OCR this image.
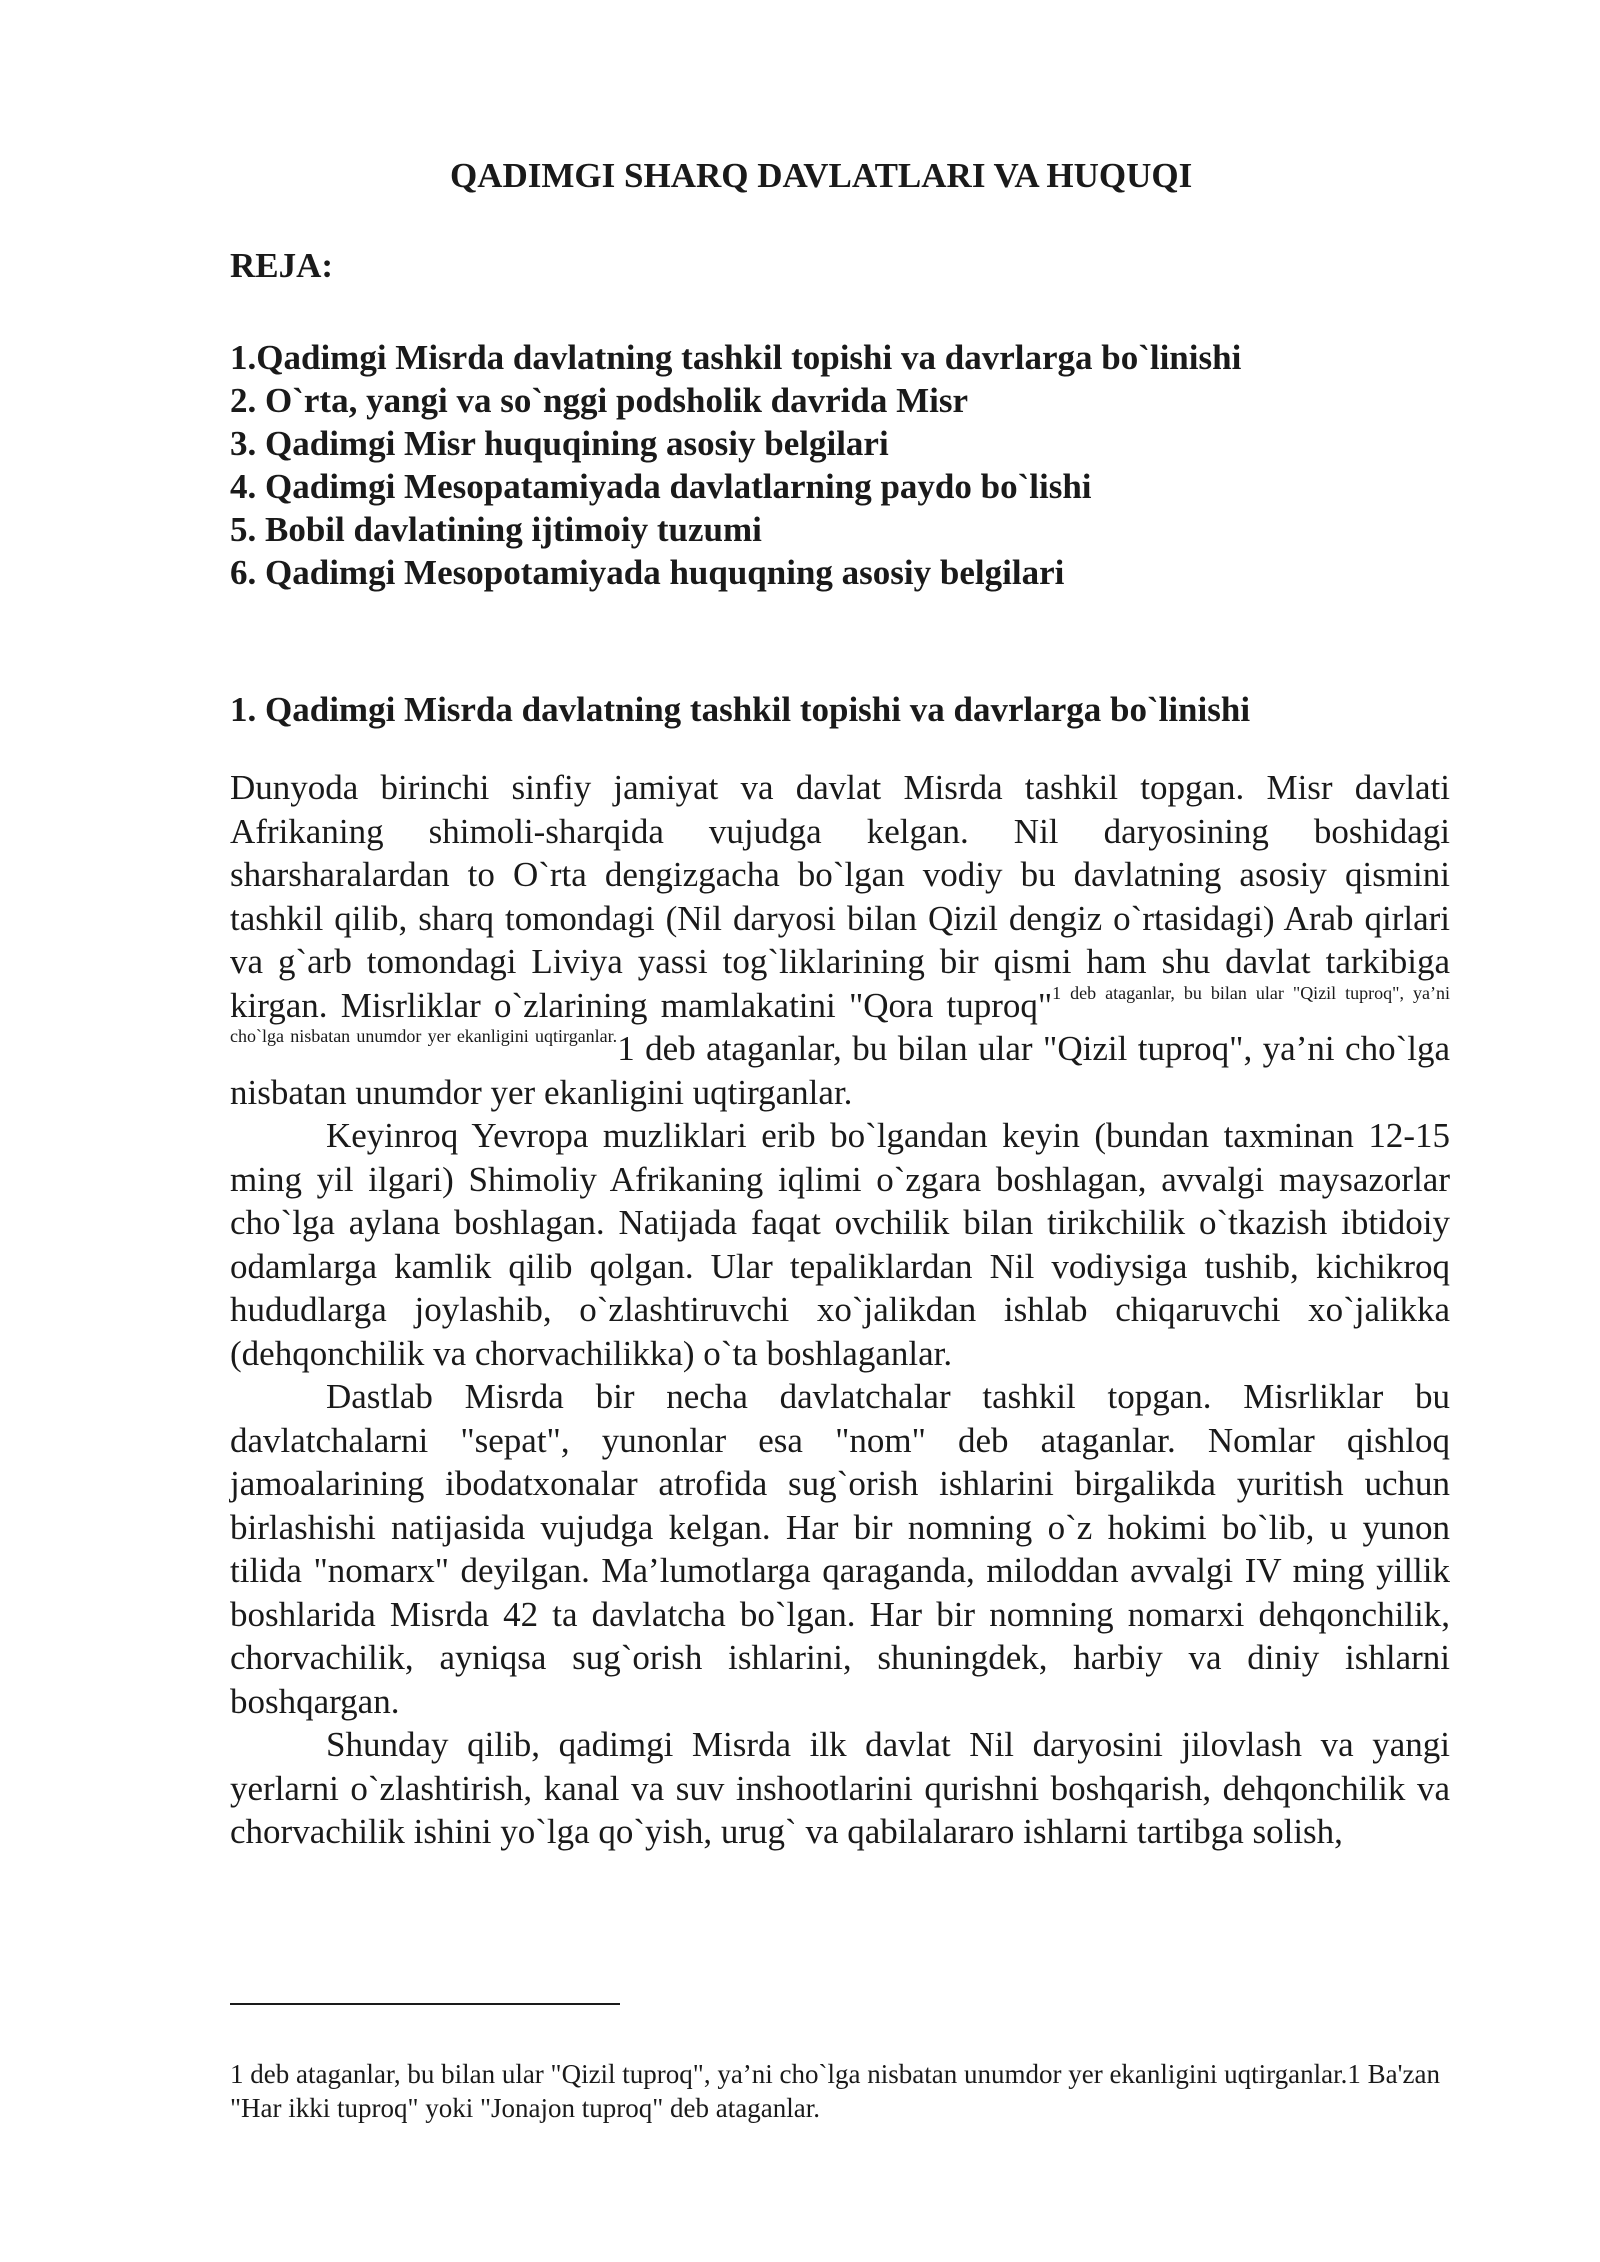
QADIMGI SHARQ DAVLATLARI VA HUQUQI
REJA:
1.Qadimgi Misrda davlatning tashkil topishi va davrlarga bo`linishi
2. O`rta, yangi va so`nggi podsholik davrida Misr
3. Qadimgi Misr huquqining asosiy belgilari
4. Qadimgi Mesopatamiyada davlatlarning paydo bo`lishi
5. Bobil davlatining ijtimoiy tuzumi
6. Qadimgi Mesopotamiyada huquqning asosiy belgilari
1. Qadimgi Misrda davlatning tashkil topishi va davrlarga bo`linishi

Dunyoda birinchi sinfiy jamiyat va davlat Misrda tashkil topgan. Misr davlati Afrikaning shimoli-sharqida vujudga kelgan. Nil daryosining boshidagi sharsharalardan to O`rta dengizgacha bo`lgan vodiy bu davlatning asosiy qismini tashkil qilib, sharq tomondagi (Nil daryosi bilan Qizil dengiz o`rtasidagi) Arab qirlari va g`arb tomondagi Liviya yassi tog`liklarining bir qismi ham shu davlat tarkibiga kirgan. Misrliklar o`zlarining mamlakatini "Qora tuproq"$^{1 deb ataganlar, bu bilan ular "Qizil tuproq", ya’ni cho`lga nisbatan unumdor yer ekanligini uqtirganlar.}$1 deb ataganlar, bu bilan ular "Qizil tuproq", ya’ni cho`lga nisbatan unumdor yer ekanligini uqtirganlar.

Keyinroq Yevropa muzliklari erib bo`lgandan keyin (bundan taxminan 12-15 ming yil ilgari) Shimoliy Afrikaning iqlimi o`zgara boshlagan, avvalgi maysazorlar cho`lga aylana boshlagan. Natijada faqat ovchilik bilan tirikchilik o`tkazish ibtidoiy odamlarga kamlik qilib qolgan. Ular tepaliklardan Nil vodiysiga tushib, kichikroq hududlarga joylashib, o`zlashtiruvchi xo`jalikdan ishlab chiqaruvchi xo`jalikka (dehqonchilik va chorvachilikka) o`ta boshlaganlar.

Dastlab Misrda bir necha davlatchalar tashkil topgan. Misrliklar bu davlatchalarni "sepat", yunonlar esa "nom" deb ataganlar. Nomlar qishloq jamoalarining ibodatxonalar atrofida sug`orish ishlarini birgalikda yuritish uchun birlashishi natijasida vujudga kelgan. Har bir nomning o`z hokimi bo`lib, u yunon tilida "nomarx" deyilgan. Ma’lumotlarga qaraganda, miloddan avvalgi IV ming yillik boshlarida Misrda 42 ta davlatcha bo`lgan. Har bir nomning nomarxi dehqonchilik, chorvachilik, ayniqsa sug`orish ishlarini, shuningdek, harbiy va diniy ishlarni boshqargan.

Shunday qilib, qadimgi Misrda ilk davlat Nil daryosini jilovlash va yangi yerlarni o`zlashtirish, kanal va suv inshootlarini qurishni boshqarish, dehqonchilik va chorvachilik ishini yo`lga qo`yish, urug` va qabilalararo ishlarni tartibga solish,

1 deb ataganlar, bu bilan ular "Qizil tuproq", ya’ni cho`lga nisbatan unumdor yer ekanligini uqtirganlar.1 Ba'zan "Har ikki tuproq" yoki "Jonajon tuproq" deb ataganlar.
